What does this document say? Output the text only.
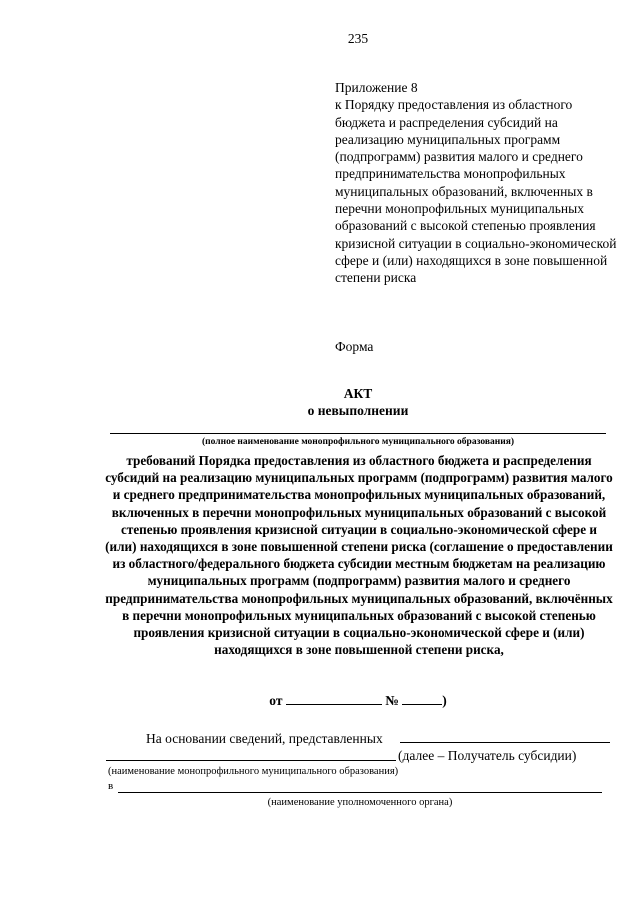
235

Приложение 8

к Порядку предоставления из областного бюджета и распределения субсидий на реализацию муниципальных программ (подпрограмм) развития малого и среднего предпринимательства монопрофильных муниципальных образований, включенных в перечни монопрофильных муниципальных образований с высокой степенью проявления кризисной ситуации в социально-экономической сфере и (или) находящихся в зоне повышенной степени риска

Форма
АКТ
о невыполнении
(полное наименование монопрофильного муниципального образования)
требований Порядка предоставления из областного бюджета и распределения субсидий на реализацию муниципальных программ (подпрограмм) развития малого и среднего предпринимательства монопрофильных муниципальных образований, включенных в перечни монопрофильных муниципальных образований с высокой степенью проявления кризисной ситуации в социально-экономической сфере и (или) находящихся в зоне повышенной степени риска (соглашение о предоставлении из областного/федерального бюджета субсидии местным бюджетам на реализацию муниципальных программ (подпрограмм) развития малого и среднего предпринимательства монопрофильных муниципальных образований, включённых в перечни монопрофильных муниципальных образований с высокой степенью проявления кризисной ситуации в социально-экономической сфере и (или) находящихся в зоне повышенной степени риска,
от	№	)
На основании сведений, представленных
(далее – Получатель субсидии)
(наименование монопрофильного муниципального образования)
в
(наименование уполномоченного органа)
